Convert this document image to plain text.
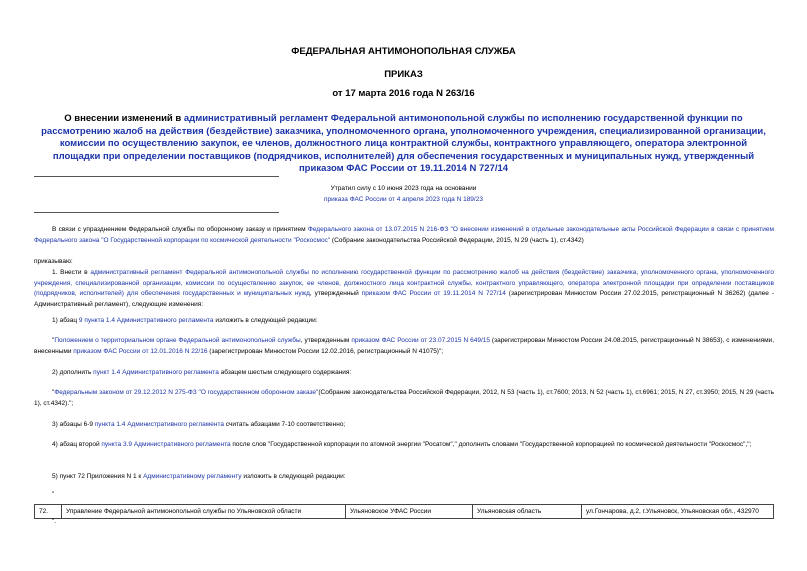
ФЕДЕРАЛЬНАЯ АНТИМОНОПОЛЬНАЯ СЛУЖБА
ПРИКАЗ
от 17 марта 2016 года N 263/16
О внесении изменений в административный регламент Федеральной антимонопольной службы по исполнению государственной функции по рассмотрению жалоб на действия (бездействие) заказчика, уполномоченного органа, уполномоченного учреждения, специализированной организации, комиссии по осуществлению закупок, ее членов, должностного лица контрактной службы, контрактного управляющего, оператора электронной площадки при определении поставщиков (подрядчиков, исполнителей) для обеспечения государственных и муниципальных нужд, утвержденный приказом ФАС России от 19.11.2014 N 727/14
Утратил силу с 10 июня 2023 года на основании
приказа ФАС России от 4 апреля 2023 года N 189/23
В связи с упразднением Федеральной службы по оборонному заказу и принятием Федерального закона от 13.07.2015 N 216-ФЗ "О внесении изменений в отдельные законодательные акты Российской Федерации в связи с принятием Федерального закона "О Государственной корпорации по космической деятельности "Роскосмос" (Собрание законодательства Российской Федерации, 2015, N 29 (часть 1), ст.4342)
приказываю:
1. Внести в административный регламент Федеральной антимонопольной службы по исполнению государственной функции по рассмотрению жалоб на действия (бездействие) заказчика, уполномоченного органа, уполномоченного учреждения, специализированной организации, комиссии по осуществлению закупок, ее членов, должностного лица контрактной службы, контрактного управляющего, оператора электронной площадки при определении поставщиков (подрядчиков, исполнителей) для обеспечения государственных и муниципальных нужд, утвержденный приказом ФАС России от 19.11.2014 N 727/14 (зарегистрирован Минюстом России 27.02.2015, регистрационный N 36262) (далее - Административный регламент), следующие изменения:
1) абзац 9 пункта 1.4 Административного регламента изложить в следующей редакции:
"Положением о территориальном органе Федеральной антимонопольной службы, утвержденным приказом ФАС России от 23.07.2015 N 649/15 (зарегистрирован Минюстом России 24.08.2015, регистрационный N 38653), с изменениями, внесенными приказом ФАС России от 12.01.2016 N 22/16 (зарегистрирован Минюстом России 12.02.2016, регистрационный N 41075)";
2) дополнить пункт 1.4 Административного регламента абзацем шестым следующего содержания:
"Федеральным законом от 29.12.2012 N 275-ФЗ "О государственном оборонном заказе"(Собрание законодательства Российской Федерации, 2012, N 53 (часть 1), ст.7600; 2013, N 52 (часть 1), ст.6961; 2015, N 27, ст.3950; 2015, N 29 (часть 1), ст.4342).";
3) абзацы 6-9 пункта 1.4 Административного регламента считать абзацами 7-10 соответственно;
4) абзац второй пункта 3.9 Административного регламента после слов "Государственной корпорации по атомной энергии "Росатом"," дополнить словами "Государственной корпорацией по космической деятельности "Роскосмос",";
5) пункт 72 Приложения N 1 к Административному регламенту изложить в следующей редакции:
"
72.	Управление Федеральной антимонопольной службы по Ульяновской области	Ульяновское УФАС России	Ульяновская область	ул.Гончарова, д.2, г.Ульяновск, Ульяновская обл., 432970
".
